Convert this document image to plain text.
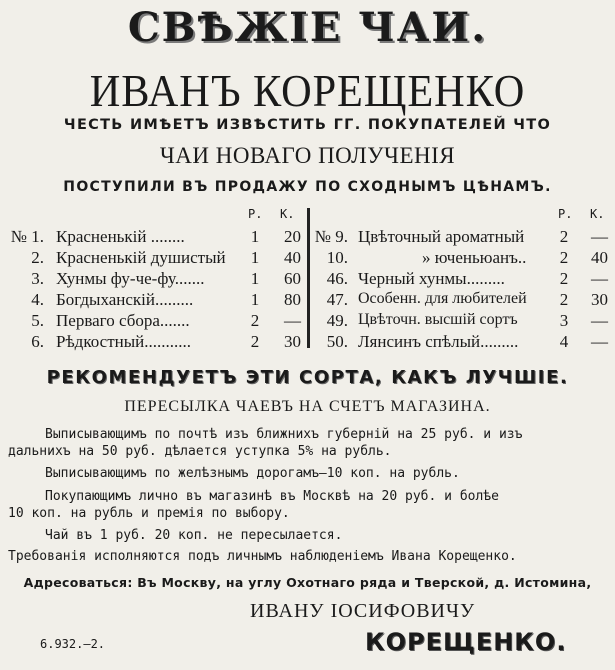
СВѢЖІЕ ЧАИ.
ИВАНЪ КОРЕЩЕНКО
ЧЕСТЬ ИМѢЕТЪ ИЗВѢСТИТЬ ГГ. ПОКУПАТЕЛЕЙ ЧТО
ЧАИ НОВАГО ПОЛУЧЕНІЯ
ПОСТУПИЛИ ВЪ ПРОДАЖУ ПО СХОДНЫМЪ ЦѢНАМЪ.
Р. К.	Р. К.
№ 1. Красненькій ........	1	20
2. Красненькій душистый 1	40
3. Хунмы фу-че-фу.......	1	60
4. Богдыханскій.........	1	80
5. Перваго сбора.......	2	—
6. Рѣдкостный...........	2	30
№ 9. Цвѣточный ароматный 2	—
10.	» юченьюанъ.. 2	40
46. Черный хунмы.........	2	—
47. Особенн. для любителей 2	30
49. Цвѣточн. высшій сортъ 3	—
50. Лянсинъ спѣлый......... 4	—
РЕКОМЕНДУЕТЪ ЭТИ СОРТА, КАКЪ ЛУЧШІЕ.
ПЕРЕСЫЛКА ЧАЕВЪ НА СЧЕТЪ МАГАЗИНА.
Выписывающимъ по почтѣ изъ ближнихъ губерній на 25 руб. и изъ
дальнихъ на 50 руб. дѣлается уступка 5% на рубль.
Выписывающимъ по желѣзнымъ дорогамъ—10 коп. на рубль.
Покупающимъ лично въ магазинѣ въ Москвѣ на 20 руб. и болѣе
10 коп. на рубль и премія по выбору.
Чай въ 1 руб. 20 коп. не пересылается.
Требованія исполняются подъ личнымъ наблюденіемъ Ивана Корещенко.
Адресоваться: Въ Москву, на углу Охотнаго ряда и Тверской, д. Истомина,
ИВАНУ ІОСИФОВИЧУ
6.932.—2.	КОРЕЩЕНКО.
